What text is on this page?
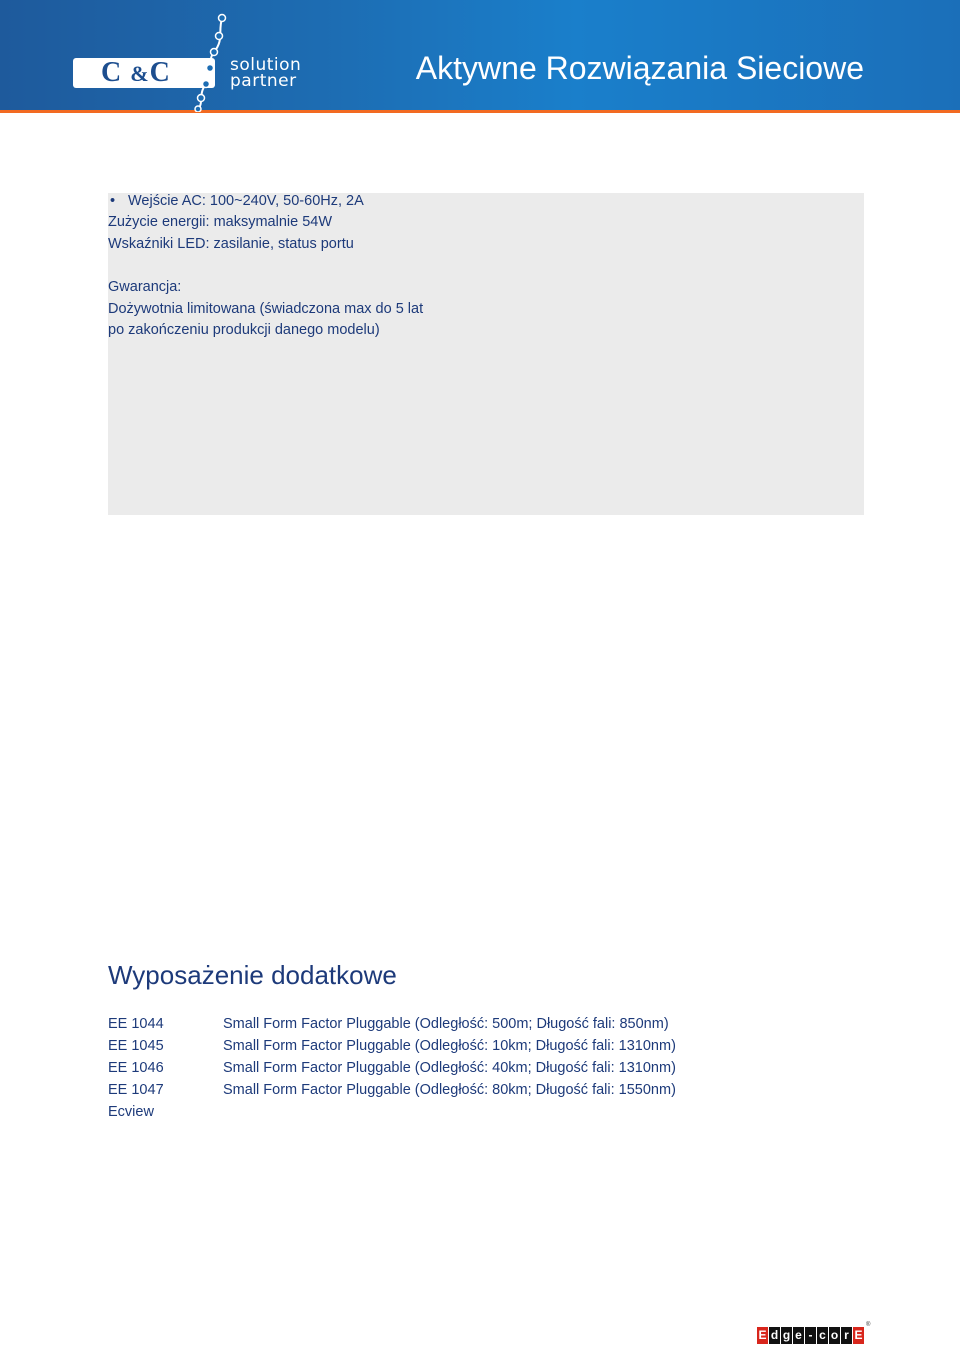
C &C	solution
partner	Aktywne Rozwiązania Sieciowe
• Wejście AC: 100~240V, 50-60Hz, 2A
Zużycie energii: maksymalnie 54W
Wskaźniki LED: zasilanie, status portu
Gwarancja:
Dożywotnia limitowana (świadczona max do 5 lat
po zakończeniu produkcji danego modelu)
Wyposażenie dodatkowe
EE 1044	Small Form Factor Pluggable (Odległość: 500m; Długość fali: 850nm)
EE 1045	Small Form Factor Pluggable (Odległość: 10km; Długość fali: 1310nm)
EE 1046	Small Form Factor Pluggable (Odległość: 40km; Długość fali: 1310nm)
EE 1047	Small Form Factor Pluggable (Odległość: 80km; Długość fali: 1550nm)
Ecview
E d g e - c o r E
®
